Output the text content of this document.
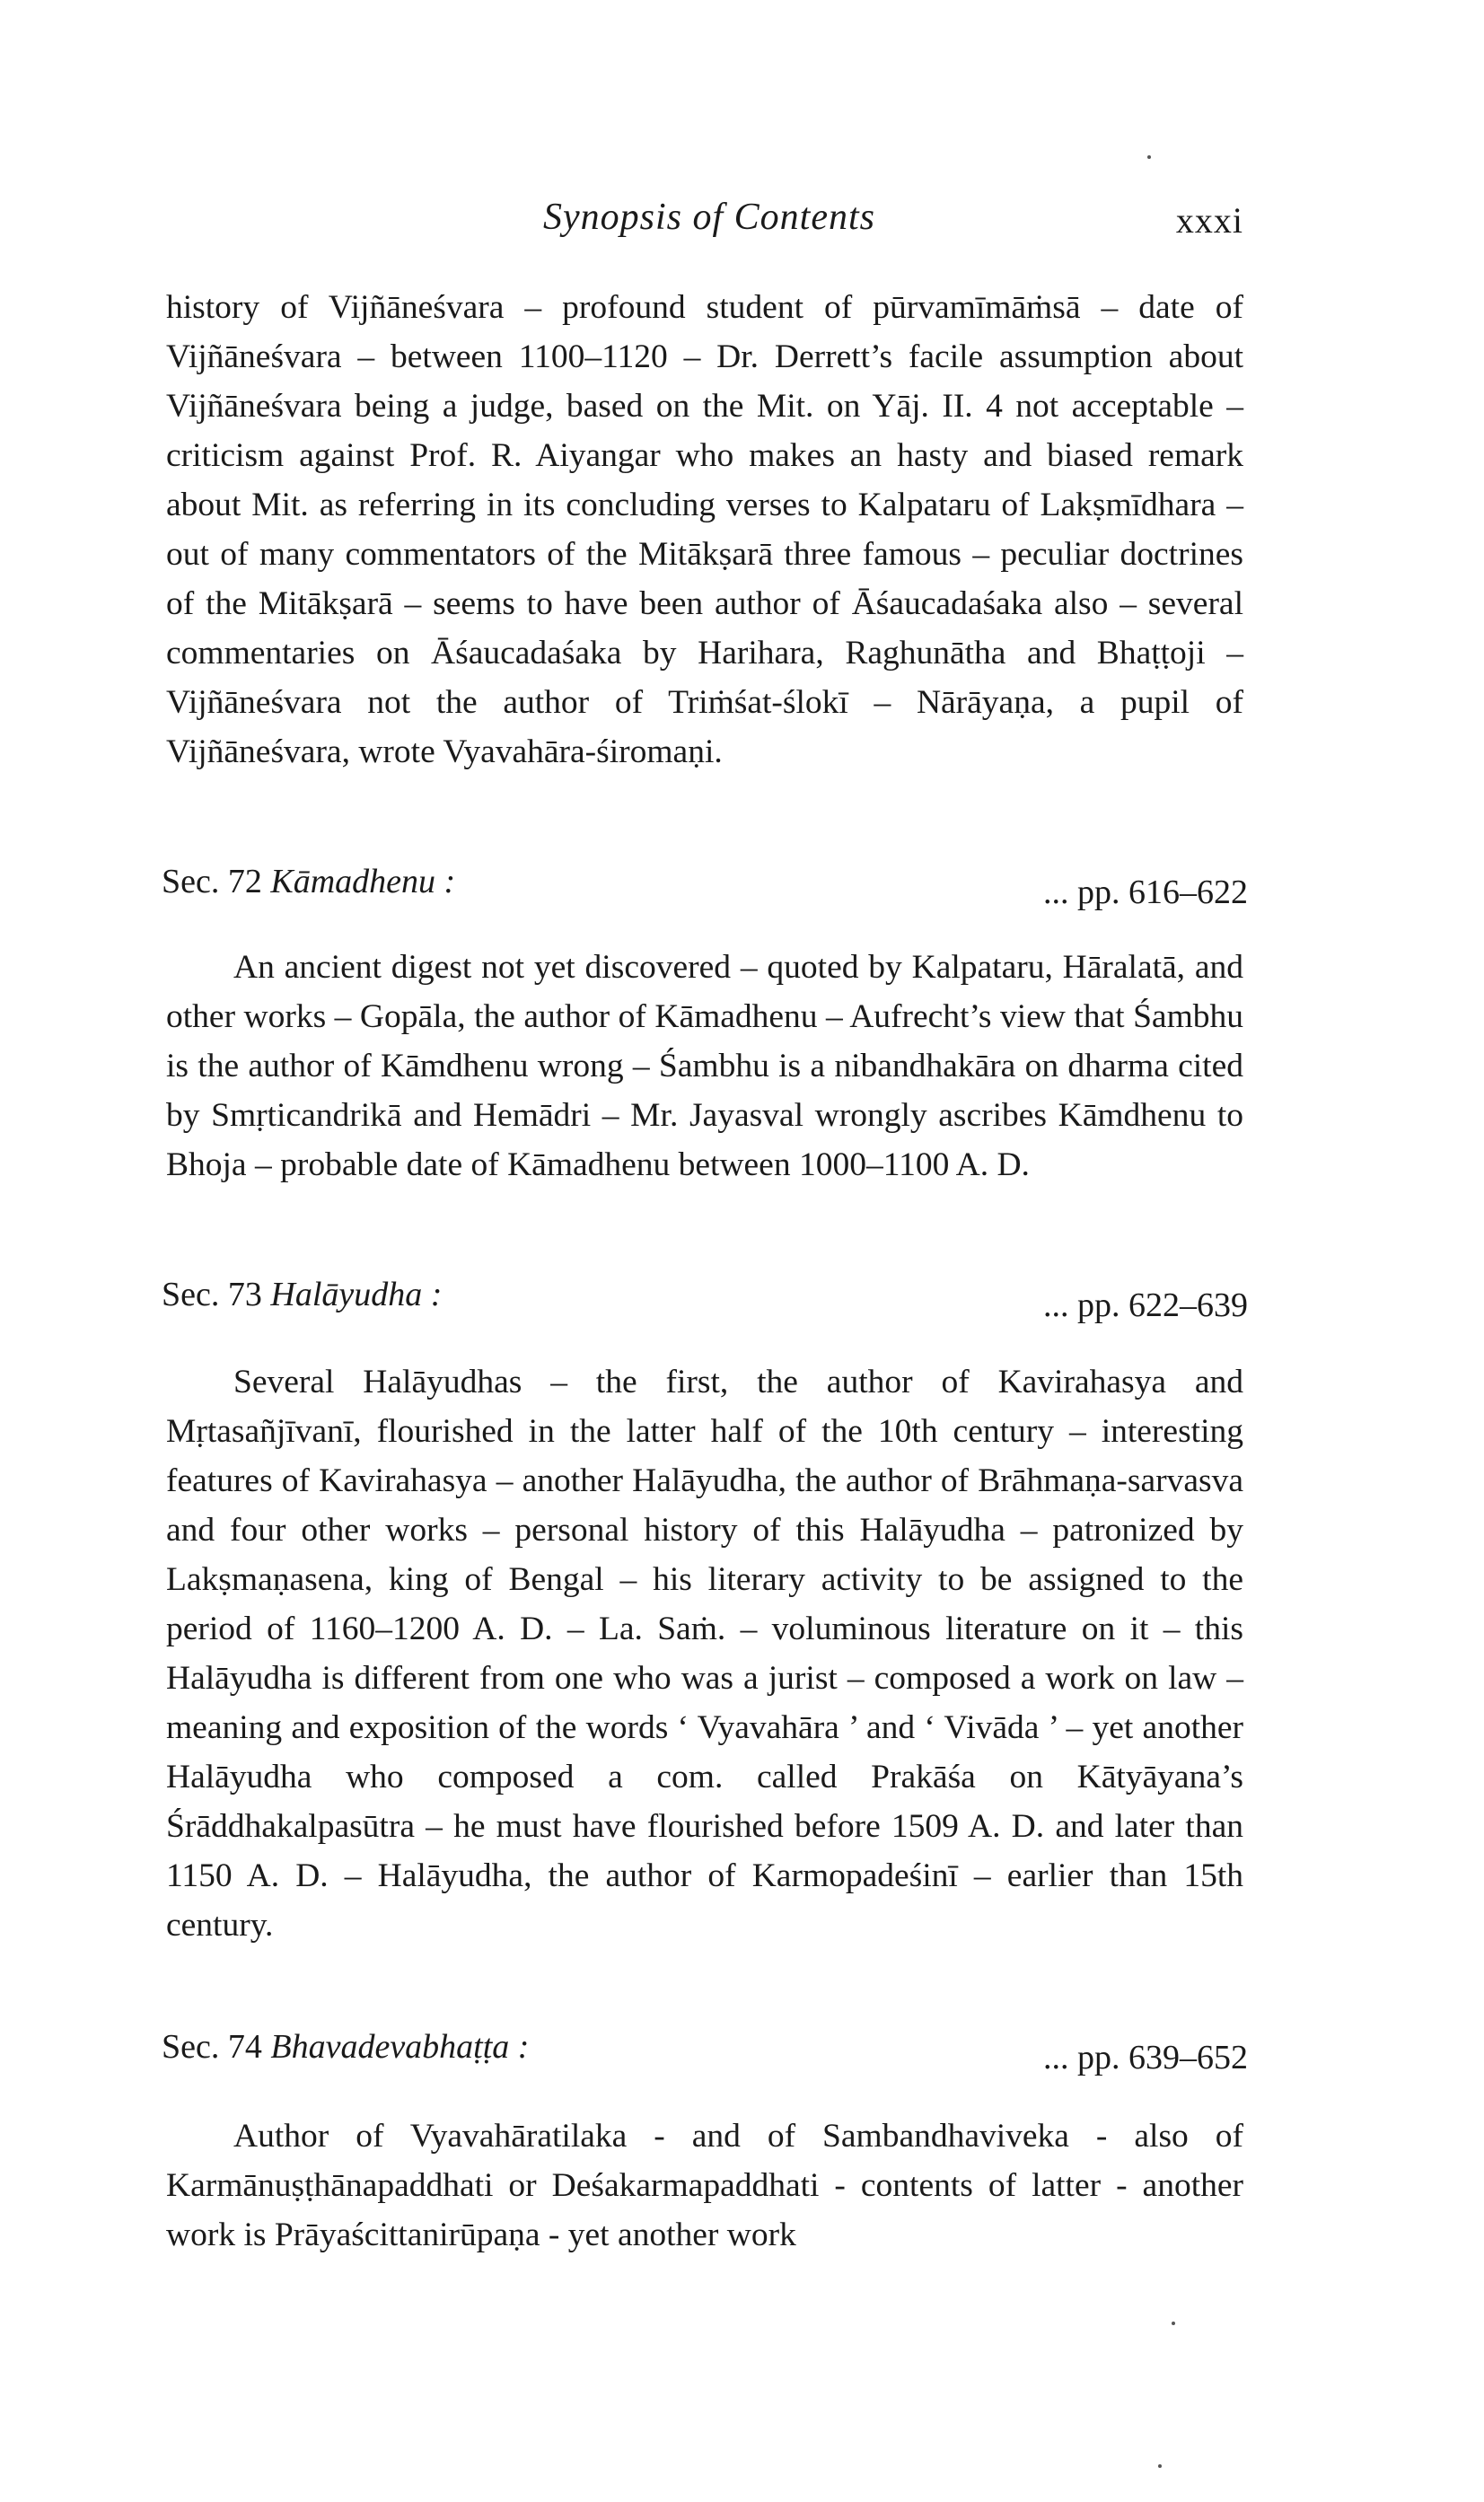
Synopsis of Contents	xxxi

history of Vijñāneśvara – profound student of pūrvamīmāṁsā – date of Vijñāneśvara – between 1100–1120 – Dr. Derrett’s facile assumption about Vijñāneśvara being a judge, based on the Mit. on Yāj. II. 4 not acceptable – criticism against Prof. R. Aiyangar who makes an hasty and biased remark about Mit. as referring in its concluding verses to Kalpataru of Lakṣmīdhara – out of many commentators of the Mitākṣarā three famous – peculiar doctrines of the Mitākṣarā – seems to have been author of Āśaucadaśaka also – several commentaries on Āśaucadaśaka by Harihara, Raghunātha and Bhaṭṭoji – Vijñāneśvara not the author of Triṁśat-ślokī – Nārāyaṇa, a pupil of Vijñāneśvara, wrote Vyavahāra-śiromaṇi.

Sec. 72 Kāmadhenu :	... pp. 616–622

An ancient digest not yet discovered – quoted by Kalpataru, Hāralatā, and other works – Gopāla, the author of Kāmadhenu – Aufrecht’s view that Śambhu is the author of Kāmdhenu wrong – Śambhu is a nibandhakāra on dharma cited by Smṛticandrikā and Hemādri – Mr. Jayasval wrongly ascribes Kāmdhenu to Bhoja – probable date of Kāmadhenu between 1000–1100 A. D.

Sec. 73 Halāyudha :	... pp. 622–639

Several Halāyudhas – the first, the author of Kavirahasya and Mṛtasañjīvanī, flourished in the latter half of the 10th century – interesting features of Kavirahasya – another Halāyudha, the author of Brāhmaṇa-sarvasva and four other works – personal history of this Halāyudha – patronized by Lakṣmaṇasena, king of Bengal – his literary activity to be assigned to the period of 1160–1200 A. D. – La. Saṁ. – voluminous literature on it – this Halāyudha is different from one who was a jurist – composed a work on law – meaning and exposition of the words ‘ Vyavahāra ’ and ‘ Vivāda ’ – yet another Halāyudha who composed a com. called Prakāśa on Kātyāyana’s Śrāddhakalpasūtra – he must have flourished before 1509 A. D. and later than 1150 A. D. – Halāyudha, the author of Karmopadeśinī – earlier than 15th century.

Sec. 74 Bhavadevabhaṭṭa :	... pp. 639–652

Author of Vyavahāratilaka - and of Sambandhaviveka - also of Karmānuṣṭhānapaddhati or Deśakarmapaddhati - contents of latter - another work is Prāyaścittanirūpaṇa - yet another work
